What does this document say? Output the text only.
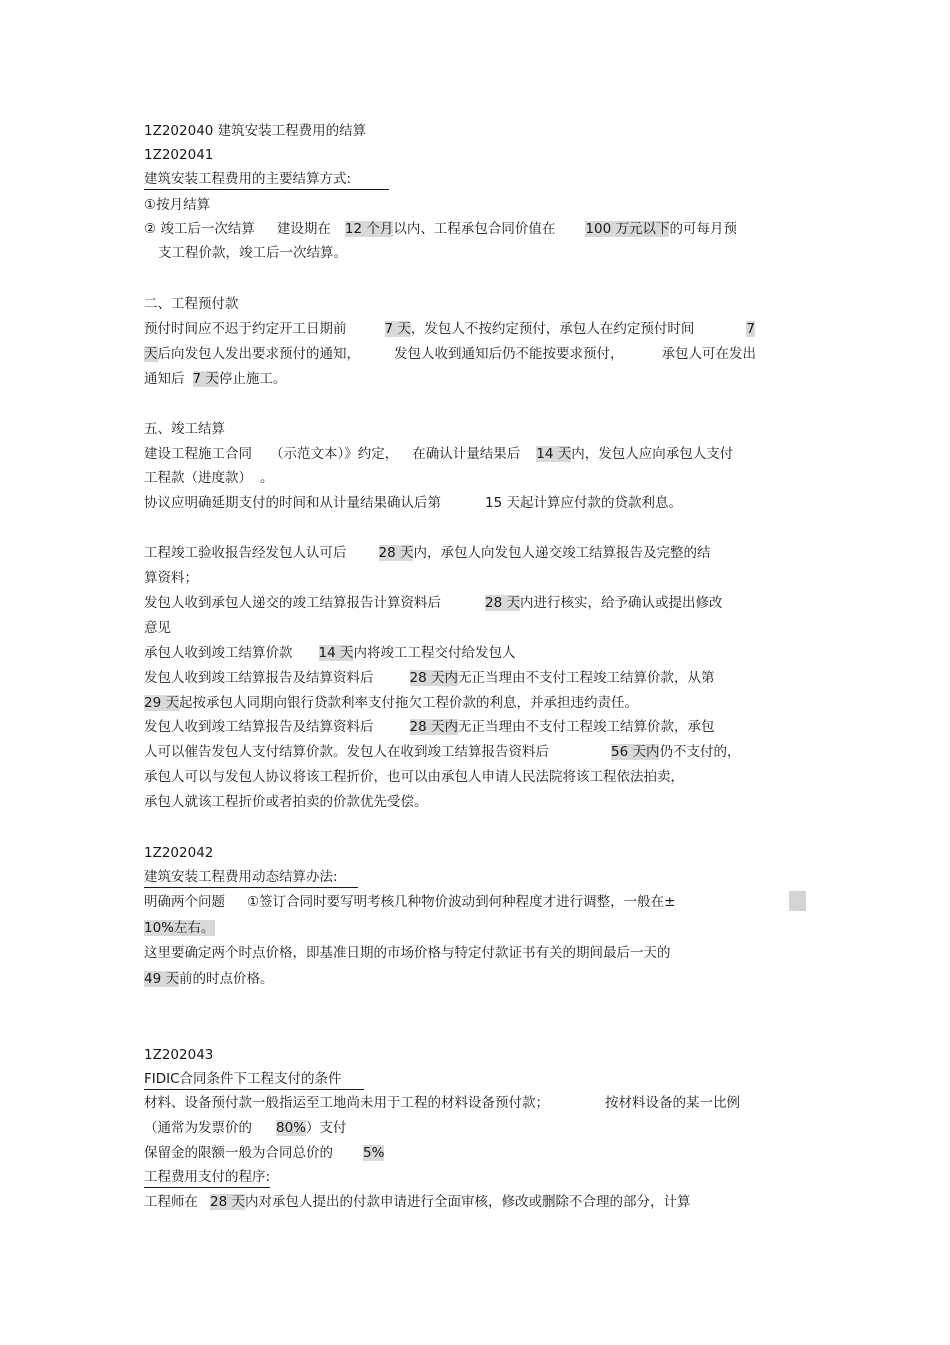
1Z202040 建筑安装工程费用的结算
1Z202041
建筑安装工程费用的主要结算方式:
①按月结算
② 竣工后一次结算 建设期在 12 个月以内、工程承包合同价值在 100 万元以下的可每月预
支工程价款，竣工后一次结算。
二、工程预付款
预付时间应不迟于约定开工日期前	7 天，发包人不按约定预付，承包人在约定预付时间	7
天后向发包人发出要求预付的通知，	发包人收到通知后仍不能按要求预付，	承包人可在发出
通知后 7 天停止施工。
五、竣工结算
建设工程施工合同 （示范文本）》约定， 在确认计量结果后 14 天内，发包人应向承包人支付
工程款（进度款） 。
协议应明确延期支付的时间和从计量结果确认后第	15 天起计算应付款的贷款利息。
工程竣工验收报告经发包人认可后 28 天内，承包人向发包人递交竣工结算报告及完整的结
算资料；
发包人收到承包人递交的竣工结算报告计算资料后	28 天内进行核实，给予确认或提出修改
意见
承包人收到竣工结算价款 14 天内将竣工工程交付给发包人
发包人收到竣工结算报告及结算资料后	28 天内无正当理由不支付工程竣工结算价款，从第
29 天起按承包人同期向银行贷款利率支付拖欠工程价款的利息，并承担违约责任。
发包人收到竣工结算报告及结算资料后	28 天内无正当理由不支付工程竣工结算价款，承包
人可以催告发包人支付结算价款。发包人在收到竣工结算报告资料后	56 天内仍不支付的，
承包人可以与发包人协议将该工程折价，也可以由承包人申请人民法院将该工程依法拍卖，
承包人就该工程折价或者拍卖的价款优先受偿。
1Z202042
建筑安装工程费用动态结算办法:
明确两个问题 ①签订合同时要写明考核几种物价波动到何种程度才进行调整，一般在±
10%左右。
这里要确定两个时点价格，即基准日期的市场价格与特定付款证书有关的期间最后一天的
49 天前的时点价格。
1Z202043
FIDIC合同条件下工程支付的条件
材料、设备预付款一般指运至工地尚未用于工程的材料设备预付款；	按材料设备的某一比例
（通常为发票价的 80%）支付
保留金的限额一般为合同总价的 5%
工程费用支付的程序:
工程师在 28 天内对承包人提出的付款申请进行全面审核，修改或删除不合理的部分，计算
